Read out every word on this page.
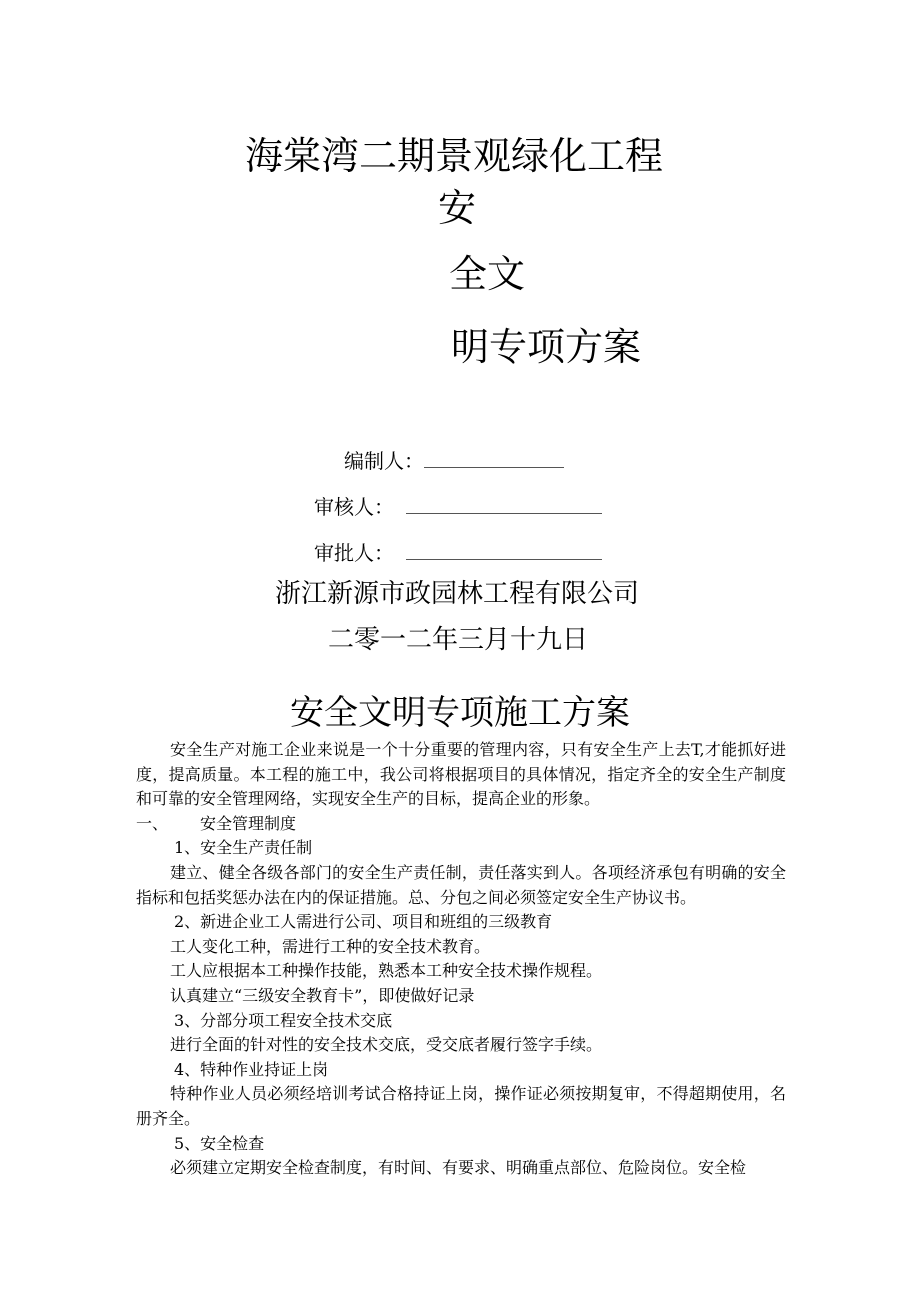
海棠湾二期景观绿化工程
安
全文
明专项方案
编制人：
审核人：
审批人：
浙江新源市政园林工程有限公司
二零一二年三月十九日
安全文明专项施工方案

安全生产对施工企业来说是一个十分重要的管理内容，只有安全生产上去T,才能抓好进度，提高质量。本工程的施工中，我公司将根据项目的具体情况，指定齐全的安全生产制度和可靠的安全管理网络，实现安全生产的目标，提高企业的形象。

一、	安全管理制度

1、安全生产责任制

建立、健全各级各部门的安全生产责任制，责任落实到人。各项经济承包有明确的安全指标和包括奖惩办法在内的保证措施。总、分包之间必须签定安全生产协议书。

2、新进企业工人需进行公司、项目和班组的三级教育

工人变化工种，需进行工种的安全技术教育。

工人应根据本工种操作技能，熟悉本工种安全技术操作规程。

认真建立“三级安全教育卡”，即使做好记录

3、分部分项工程安全技术交底

进行全面的针对性的安全技术交底，受交底者履行签字手续。

4、特种作业持证上岗

特种作业人员必须经培训考试合格持证上岗，操作证必须按期复审，不得超期使用，名册齐全。

5、安全检查

必须建立定期安全检查制度，有时间、有要求、明确重点部位、危险岗位。安全检
